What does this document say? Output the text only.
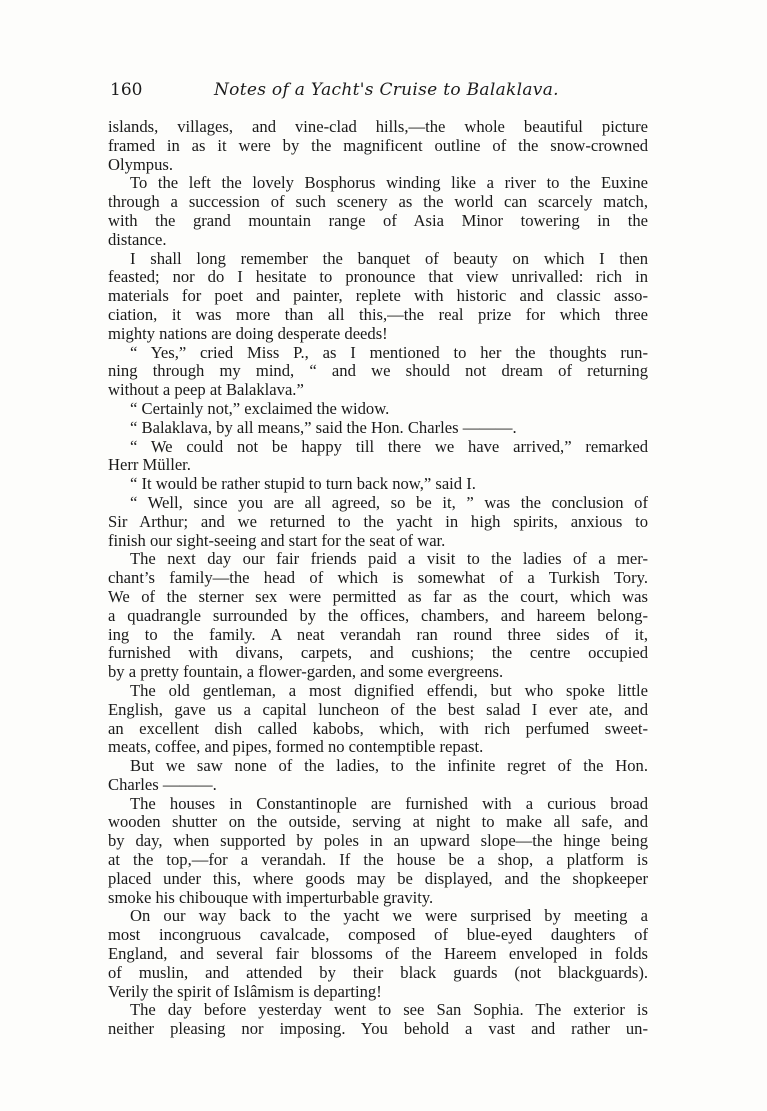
160	Notes of a Yacht's Cruise to Balaklava.
islands, villages, and vine-clad hills,—the whole beautiful picture
framed in as it were by the magnificent outline of the snow-crowned
Olympus.
To the left the lovely Bosphorus winding like a river to the Euxine
through a succession of such scenery as the world can scarcely match,
with the grand mountain range of Asia Minor towering in the
distance.
I shall long remember the banquet of beauty on which I then
feasted; nor do I hesitate to pronounce that view unrivalled: rich in
materials for poet and painter, replete with historic and classic asso-
ciation, it was more than all this,—the real prize for which three
mighty nations are doing desperate deeds!
“ Yes,” cried Miss P., as I mentioned to her the thoughts run-
ning through my mind, “ and we should not dream of returning
without a peep at Balaklava.”
“ Certainly not,” exclaimed the widow.
“ Balaklava, by all means,” said the Hon. Charles ———.
“ We could not be happy till there we have arrived,” remarked
Herr Müller.
“ It would be rather stupid to turn back now,” said I.
“ Well, since you are all agreed, so be it, ” was the conclusion of
Sir Arthur; and we returned to the yacht in high spirits, anxious to
finish our sight-seeing and start for the seat of war.
The next day our fair friends paid a visit to the ladies of a mer-
chant’s family—the head of which is somewhat of a Turkish Tory.
We of the sterner sex were permitted as far as the court, which was
a quadrangle surrounded by the offices, chambers, and hareem belong-
ing to the family. A neat verandah ran round three sides of it,
furnished with divans, carpets, and cushions; the centre occupied
by a pretty fountain, a flower-garden, and some evergreens.
The old gentleman, a most dignified effendi, but who spoke little
English, gave us a capital luncheon of the best salad I ever ate, and
an excellent dish called kabobs, which, with rich perfumed sweet-
meats, coffee, and pipes, formed no contemptible repast.
But we saw none of the ladies, to the infinite regret of the Hon.
Charles ———.
The houses in Constantinople are furnished with a curious broad
wooden shutter on the outside, serving at night to make all safe, and
by day, when supported by poles in an upward slope—the hinge being
at the top,—for a verandah. If the house be a shop, a platform is
placed under this, where goods may be displayed, and the shopkeeper
smoke his chibouque with imperturbable gravity.
On our way back to the yacht we were surprised by meeting a
most incongruous cavalcade, composed of blue-eyed daughters of
England, and several fair blossoms of the Hareem enveloped in folds
of muslin, and attended by their black guards (not blackguards).
Verily the spirit of Islâmism is departing!
The day before yesterday went to see San Sophia. The exterior is
neither pleasing nor imposing. You behold a vast and rather un-
